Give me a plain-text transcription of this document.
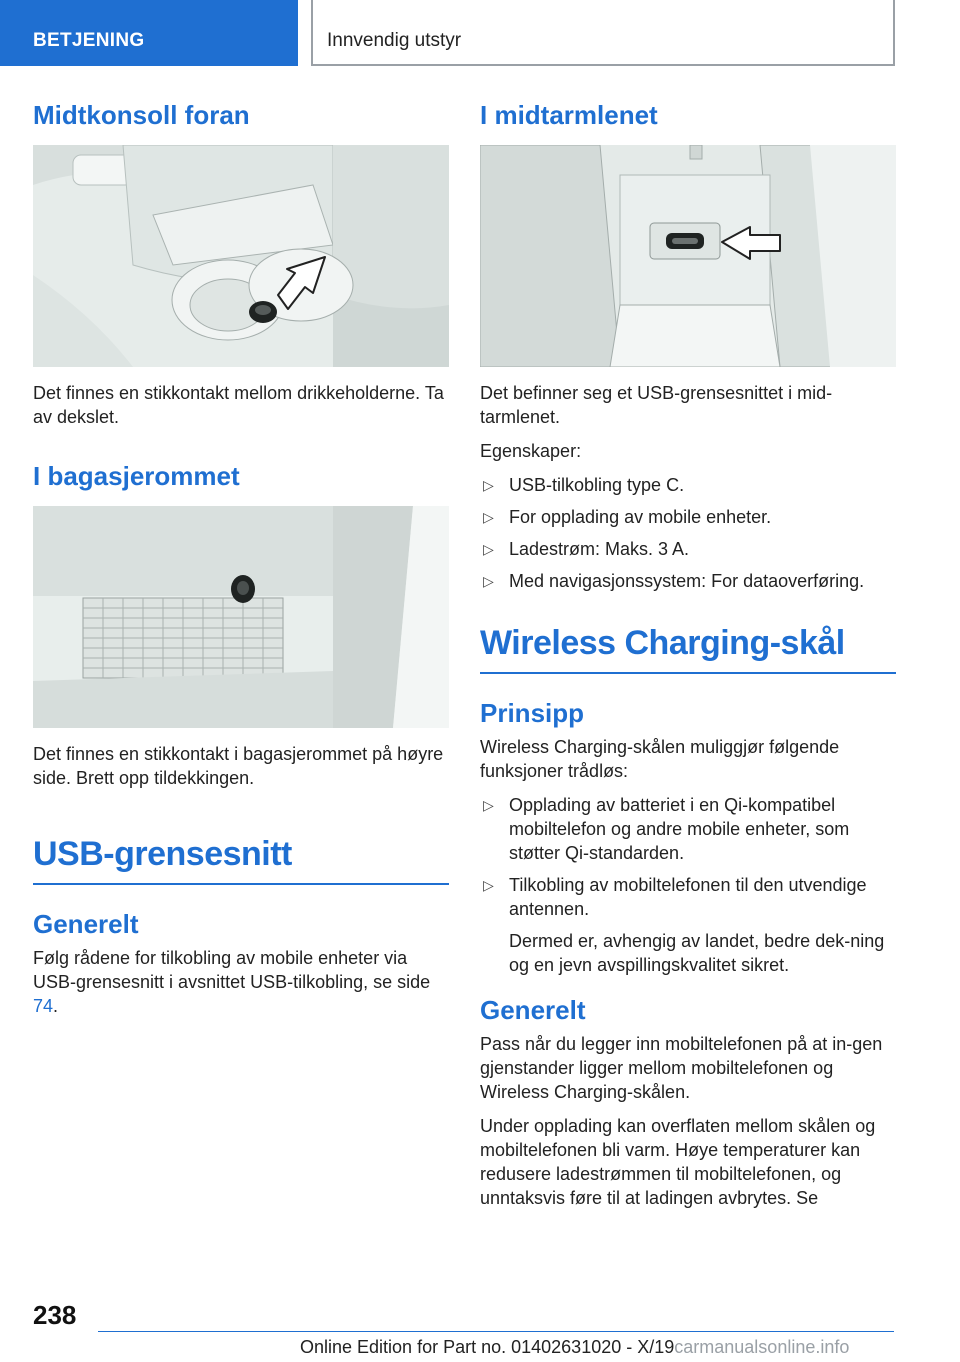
BETJENING	Innvendig utstyr
Midtkonsoll foran

Det finnes en stikkontakt mellom drikkeholderne. Ta av dekslet.

I bagasjerommet

Det finnes en stikkontakt i bagasjerommet på høyre side. Brett opp tildekkingen.

USB-grensesnitt
Generelt

Følg rådene for tilkobling av mobile enheter via USB-grensesnitt i avsnittet USB-tilkobling, se side 74.

I midtarmlenet

Det befinner seg et USB-grensesnittet i mid-tarmlenet.

Egenskaper:

▷ USB-tilkobling type C.
▷ For opplading av mobile enheter.
▷ Ladestrøm: Maks. 3 A.
▷ Med navigasjonssystem: For dataoverføring.
Wireless Charging-skål
Prinsipp

Wireless Charging-skålen muliggjør følgende funksjoner trådløs:

▷ Opplading av batteriet i en Qi-kompatibel mobiltelefon og andre mobile enheter, som støtter Qi-standarden.
▷ Tilkobling av mobiltelefonen til den utvendige antennen.
Dermed er, avhengig av landet, bedre dek-ning og en jevn avspillingskvalitet sikret.
Generelt

Pass når du legger inn mobiltelefonen på at in-gen gjenstander ligger mellom mobiltelefonen og Wireless Charging-skålen.

Under opplading kan overflaten mellom skålen og mobiltelefonen bli varm. Høye temperaturer kan redusere ladestrømmen til mobiltelefonen, og unntaksvis føre til at ladingen avbrytes. Se

238
Online Edition for Part no. 01402631020 - X/19carmanualsonline.info
